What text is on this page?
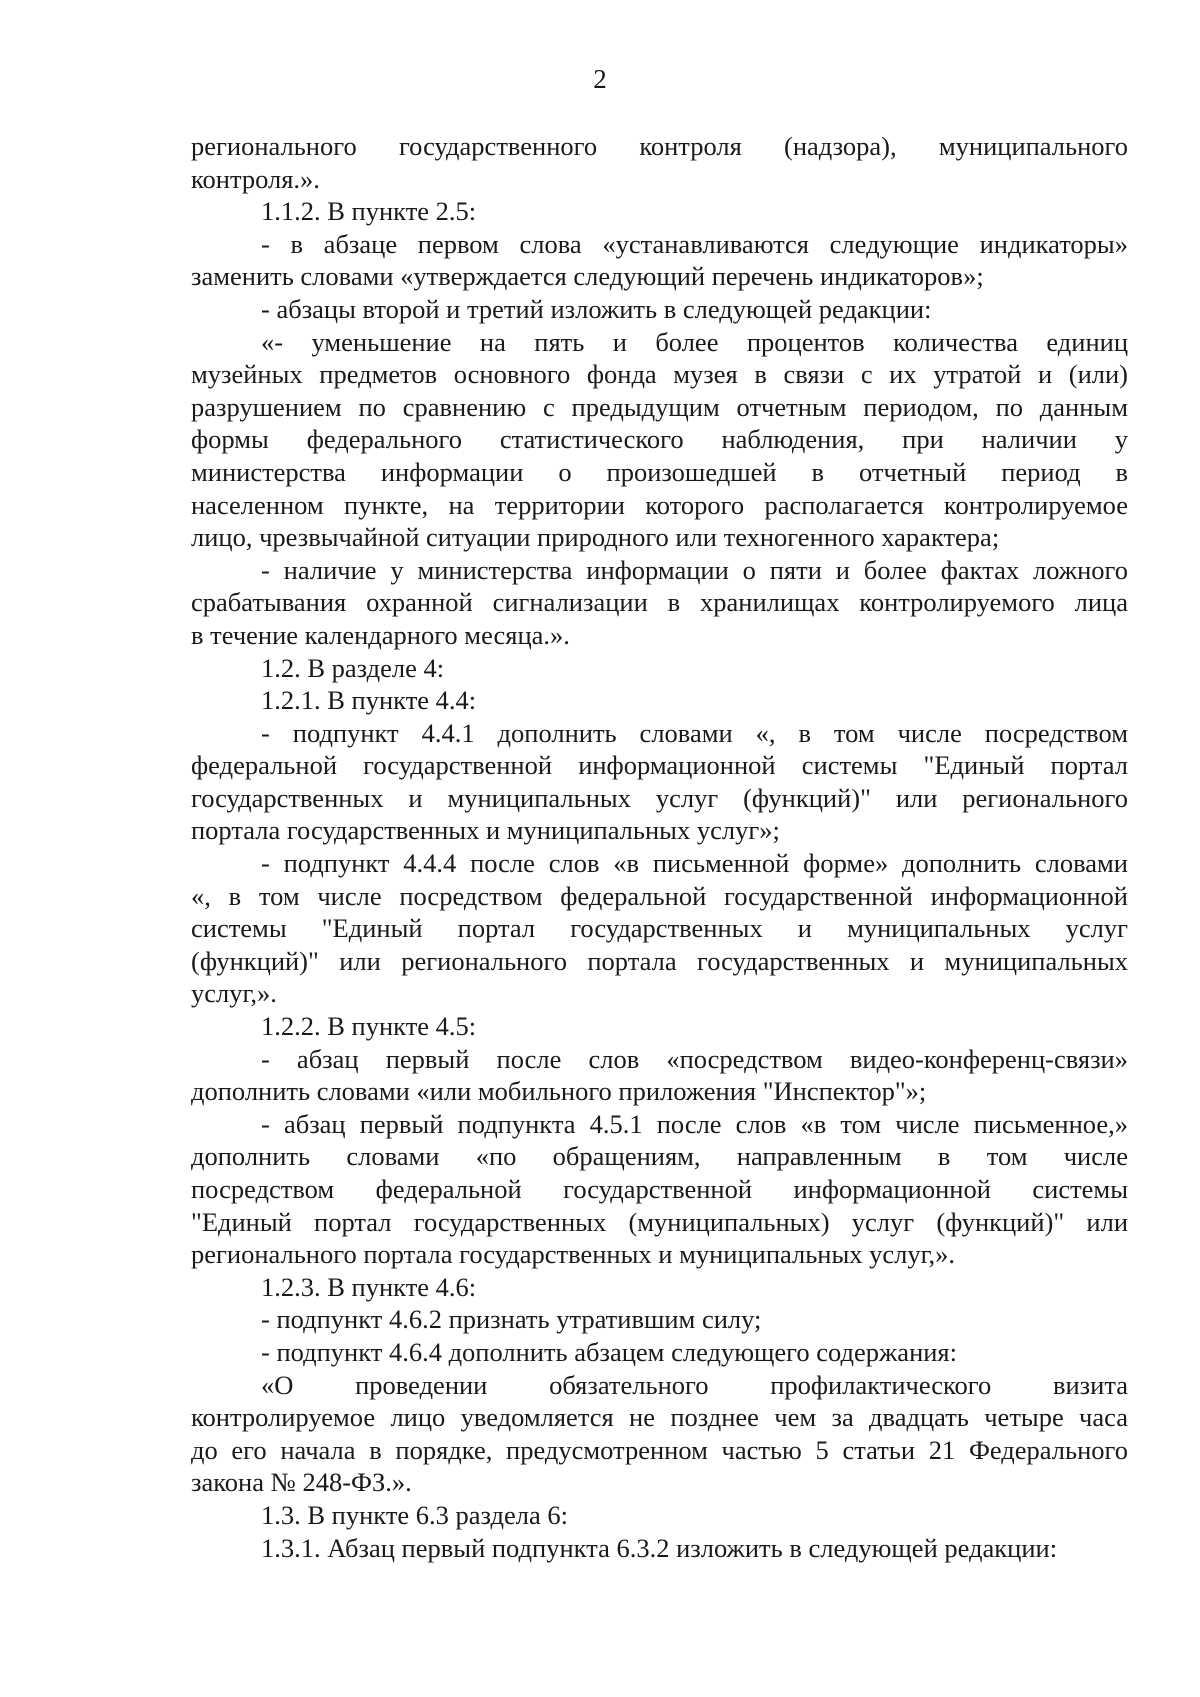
2
регионального государственного контроля (надзора), муниципального
контроля.».
1.1.2. В пункте 2.5:
- в абзаце первом слова «устанавливаются следующие индикаторы»
заменить словами «утверждается следующий перечень индикаторов»;
- абзацы второй и третий изложить в следующей редакции:
«- уменьшение на пять и более процентов количества единиц
музейных предметов основного фонда музея в связи с их утратой и (или)
разрушением по сравнению с предыдущим отчетным периодом, по данным
формы федерального статистического наблюдения, при наличии у
министерства информации о произошедшей в отчетный период в
населенном пункте, на территории которого располагается контролируемое
лицо, чрезвычайной ситуации природного или техногенного характера;
- наличие у министерства информации о пяти и более фактах ложного
срабатывания охранной сигнализации в хранилищах контролируемого лица
в течение календарного месяца.».
1.2. В разделе 4:
1.2.1. В пункте 4.4:
- подпункт 4.4.1 дополнить словами «, в том числе посредством
федеральной государственной информационной системы "Единый портал
государственных и муниципальных услуг (функций)" или регионального
портала государственных и муниципальных услуг»;
- подпункт 4.4.4 после слов «в письменной форме» дополнить словами
«, в том числе посредством федеральной государственной информационной
системы "Единый портал государственных и муниципальных услуг
(функций)" или регионального портала государственных и муниципальных
услуг,».
1.2.2. В пункте 4.5:
- абзац первый после слов «посредством видео-конференц-связи»
дополнить словами «или мобильного приложения "Инспектор"»;
- абзац первый подпункта 4.5.1 после слов «в том числе письменное,»
дополнить словами «по обращениям, направленным в том числе
посредством федеральной государственной информационной системы
"Единый портал государственных (муниципальных) услуг (функций)" или
регионального портала государственных и муниципальных услуг,».
1.2.3. В пункте 4.6:
- подпункт 4.6.2 признать утратившим силу;
- подпункт 4.6.4 дополнить абзацем следующего содержания:
«О проведении обязательного профилактического визита
контролируемое лицо уведомляется не позднее чем за двадцать четыре часа
до его начала в порядке, предусмотренном частью 5 статьи 21 Федерального
закона № 248-ФЗ.».
1.3. В пункте 6.3 раздела 6:
1.3.1. Абзац первый подпункта 6.3.2 изложить в следующей редакции:
